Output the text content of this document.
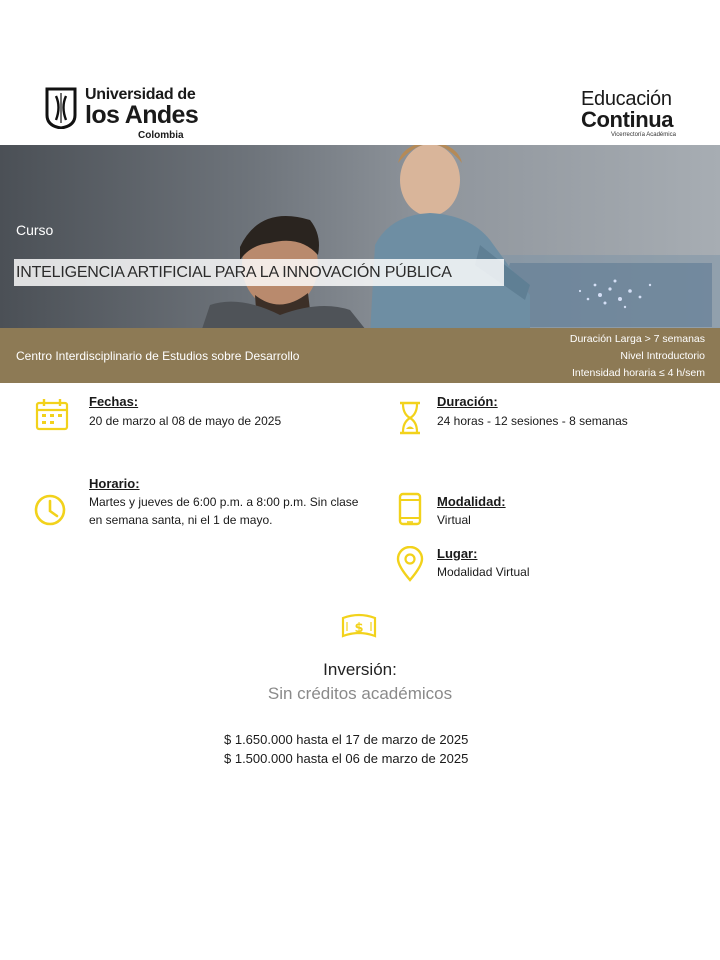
Universidad de
los Andes
Colombia
Educación
Continua
Vicerrectoría Académica
Curso
INTELIGENCIA ARTIFICIAL PARA LA INNOVACIÓN PÚBLICA
Centro Interdisciplinario de Estudios sobre Desarrollo
Duración Larga > 7 semanas
Nivel Introductorio
Intensidad horaria ≤ 4 h/sem
Fechas:
20 de marzo al 08 de mayo de 2025
Horario:
Martes y jueves de 6:00 p.m. a 8:00 p.m. Sin clase en semana santa, ni el 1 de mayo.
Duración:
24 horas - 12 sesiones - 8 semanas
Modalidad:
Virtual
Lugar:
Modalidad Virtual
$
Inversión:
Sin créditos académicos
$ 1.650.000 hasta el 17 de marzo de 2025
$ 1.500.000 hasta el 06 de marzo de 2025
